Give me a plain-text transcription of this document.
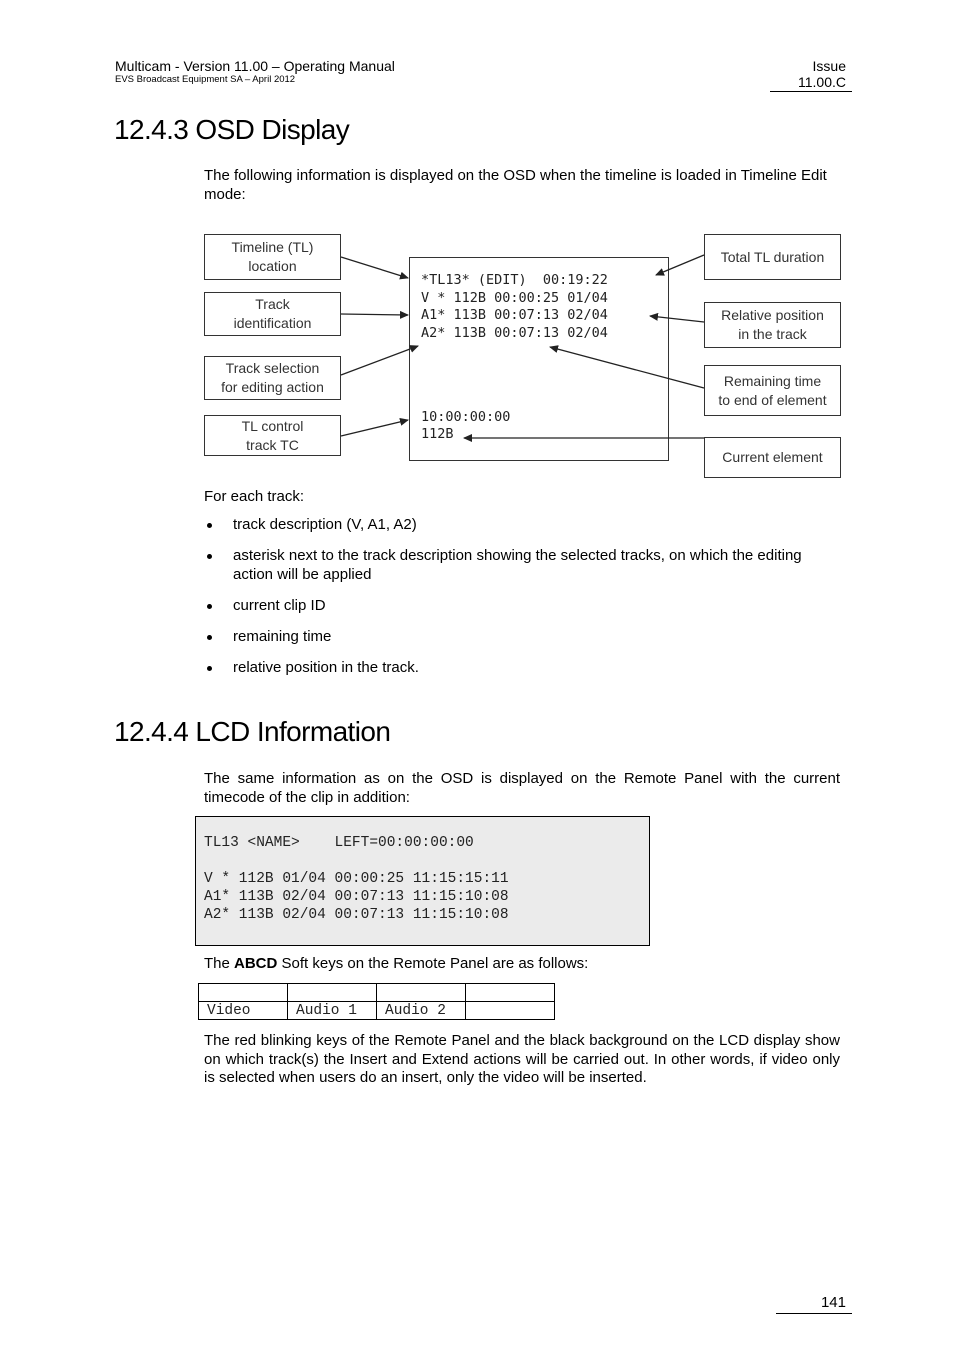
Multicam - Version 11.00 – Operating Manual
EVS Broadcast Equipment SA – April 2012
Issue
11.00.C
12.4.3 OSD Display

The following information is displayed on the OSD when the timeline is loaded in Timeline Edit mode:

Timeline (TL)
location
Track
identification
Track selection
for editing action
TL control
track TC
Total TL duration
Relative position
in the track
Remaining time
to end of element
Current element
*TL13* (EDIT)  00:19:22
V * 112B 00:00:25 01/04
A1* 113B 00:07:13 02/04
A2* 113B 00:07:13 02/04
10:00:00:00
112B

For each track:

track description (V, A1, A2)
asterisk next to the track description showing the selected tracks, on which the editing action will be applied
current clip ID
remaining time
relative position in the track.
12.4.4 LCD Information

The same information as on the OSD is displayed on the Remote Panel with the current timecode of the clip in addition:

TL13 <NAME>    LEFT=00:00:00:00
V * 112B 01/04 00:00:25 11:15:15:11
A1* 113B 02/04 00:07:13 11:15:10:08
A2* 113B 02/04 00:07:13 11:15:10:08

The ABCD Soft keys on the Remote Panel are as follows:

Video	Audio 1	Audio 2	

The red blinking keys of the Remote Panel and the black background on the LCD display show on which track(s) the Insert and Extend actions will be carried out. In other words, if video only is selected when users do an insert, only the video will be inserted.

141
